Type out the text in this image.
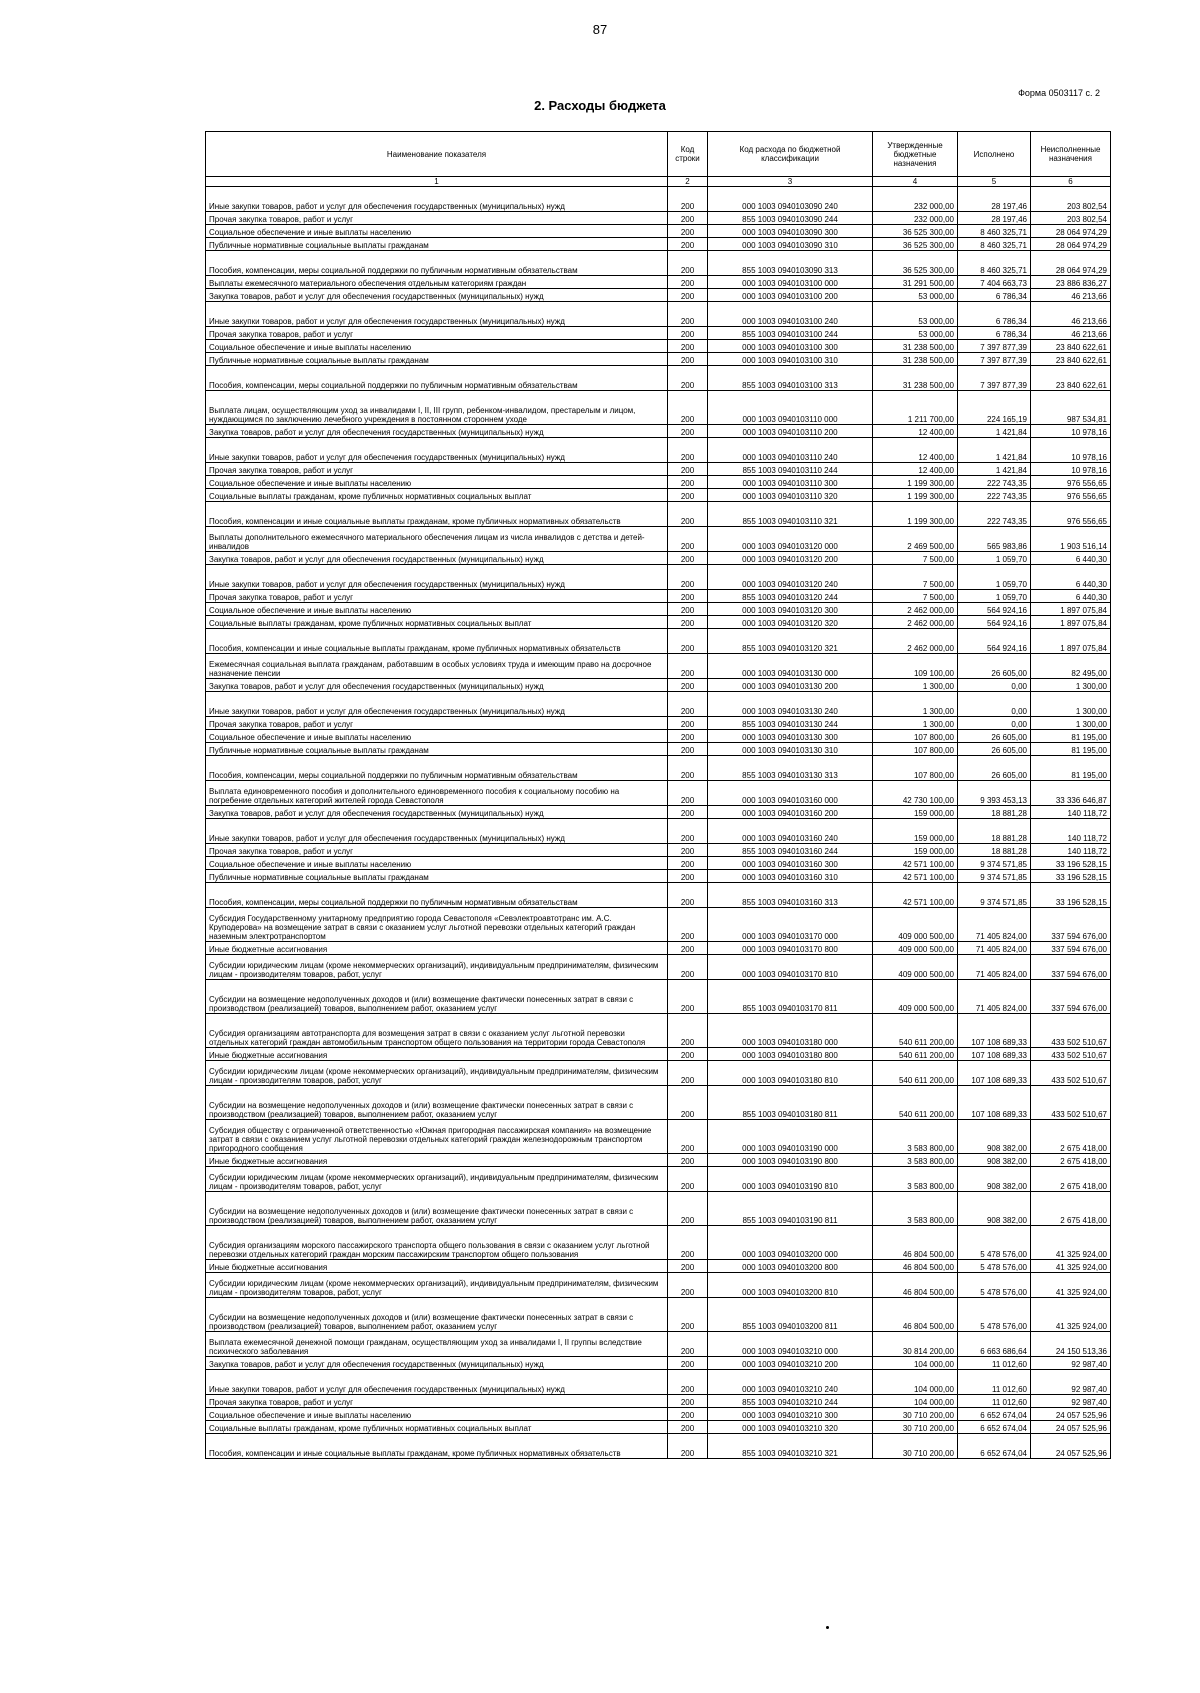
87
Форма 0503117 с. 2
2. Расходы бюджета
Наименование показателя	Код строки	Код расхода по бюджетной классификации	Утвержденные бюджетные назначения	Исполнено	Неисполненные назначения
1	2	3	4	5	6
Иные закупки товаров, работ и услуг для обеспечения государственных (муниципальных) нужд	200	000 1003 0940103090 240	232 000,00	28 197,46	203 802,54
Прочая закупка товаров, работ и услуг	200	855 1003 0940103090 244	232 000,00	28 197,46	203 802,54
Социальное обеспечение и иные выплаты населению	200	000 1003 0940103090 300	36 525 300,00	8 460 325,71	28 064 974,29
Публичные нормативные социальные выплаты гражданам	200	000 1003 0940103090 310	36 525 300,00	8 460 325,71	28 064 974,29
Пособия, компенсации, меры социальной поддержки по публичным нормативным обязательствам	200	855 1003 0940103090 313	36 525 300,00	8 460 325,71	28 064 974,29
Выплаты ежемесячного материального обеспечения отдельным категориям граждан	200	000 1003 0940103100 000	31 291 500,00	7 404 663,73	23 886 836,27
Закупка товаров, работ и услуг для обеспечения государственных (муниципальных) нужд	200	000 1003 0940103100 200	53 000,00	6 786,34	46 213,66
Иные закупки товаров, работ и услуг для обеспечения государственных (муниципальных) нужд	200	000 1003 0940103100 240	53 000,00	6 786,34	46 213,66
Прочая закупка товаров, работ и услуг	200	855 1003 0940103100 244	53 000,00	6 786,34	46 213,66
Социальное обеспечение и иные выплаты населению	200	000 1003 0940103100 300	31 238 500,00	7 397 877,39	23 840 622,61
Публичные нормативные социальные выплаты гражданам	200	000 1003 0940103100 310	31 238 500,00	7 397 877,39	23 840 622,61
Пособия, компенсации, меры социальной поддержки по публичным нормативным обязательствам	200	855 1003 0940103100 313	31 238 500,00	7 397 877,39	23 840 622,61
Выплата лицам, осуществляющим уход за инвалидами I, II, III групп, ребенком-инвалидом, престарелым и лицом, нуждающимся по заключению лечебного учреждения в постоянном стороннем уходе	200	000 1003 0940103110 000	1 211 700,00	224 165,19	987 534,81
Закупка товаров, работ и услуг для обеспечения государственных (муниципальных) нужд	200	000 1003 0940103110 200	12 400,00	1 421,84	10 978,16
Иные закупки товаров, работ и услуг для обеспечения государственных (муниципальных) нужд	200	000 1003 0940103110 240	12 400,00	1 421,84	10 978,16
Прочая закупка товаров, работ и услуг	200	855 1003 0940103110 244	12 400,00	1 421,84	10 978,16
Социальное обеспечение и иные выплаты населению	200	000 1003 0940103110 300	1 199 300,00	222 743,35	976 556,65
Социальные выплаты гражданам, кроме публичных нормативных социальных выплат	200	000 1003 0940103110 320	1 199 300,00	222 743,35	976 556,65
Пособия, компенсации и иные социальные выплаты гражданам, кроме публичных нормативных обязательств	200	855 1003 0940103110 321	1 199 300,00	222 743,35	976 556,65
Выплаты дополнительного ежемесячного материального обеспечения лицам из числа инвалидов с детства и детей-инвалидов	200	000 1003 0940103120 000	2 469 500,00	565 983,86	1 903 516,14
Закупка товаров, работ и услуг для обеспечения государственных (муниципальных) нужд	200	000 1003 0940103120 200	7 500,00	1 059,70	6 440,30
Иные закупки товаров, работ и услуг для обеспечения государственных (муниципальных) нужд	200	000 1003 0940103120 240	7 500,00	1 059,70	6 440,30
Прочая закупка товаров, работ и услуг	200	855 1003 0940103120 244	7 500,00	1 059,70	6 440,30
Социальное обеспечение и иные выплаты населению	200	000 1003 0940103120 300	2 462 000,00	564 924,16	1 897 075,84
Социальные выплаты гражданам, кроме публичных нормативных социальных выплат	200	000 1003 0940103120 320	2 462 000,00	564 924,16	1 897 075,84
Пособия, компенсации и иные социальные выплаты гражданам, кроме публичных нормативных обязательств	200	855 1003 0940103120 321	2 462 000,00	564 924,16	1 897 075,84
Ежемесячная социальная выплата гражданам, работавшим в особых условиях труда и имеющим право на досрочное назначение пенсии	200	000 1003 0940103130 000	109 100,00	26 605,00	82 495,00
Закупка товаров, работ и услуг для обеспечения государственных (муниципальных) нужд	200	000 1003 0940103130 200	1 300,00	0,00	1 300,00
Иные закупки товаров, работ и услуг для обеспечения государственных (муниципальных) нужд	200	000 1003 0940103130 240	1 300,00	0,00	1 300,00
Прочая закупка товаров, работ и услуг	200	855 1003 0940103130 244	1 300,00	0,00	1 300,00
Социальное обеспечение и иные выплаты населению	200	000 1003 0940103130 300	107 800,00	26 605,00	81 195,00
Публичные нормативные социальные выплаты гражданам	200	000 1003 0940103130 310	107 800,00	26 605,00	81 195,00
Пособия, компенсации, меры социальной поддержки по публичным нормативным обязательствам	200	855 1003 0940103130 313	107 800,00	26 605,00	81 195,00
Выплата единовременного пособия и дополнительного единовременного пособия к социальному пособию на погребение отдельных категорий жителей города Севастополя	200	000 1003 0940103160 000	42 730 100,00	9 393 453,13	33 336 646,87
Закупка товаров, работ и услуг для обеспечения государственных (муниципальных) нужд	200	000 1003 0940103160 200	159 000,00	18 881,28	140 118,72
Иные закупки товаров, работ и услуг для обеспечения государственных (муниципальных) нужд	200	000 1003 0940103160 240	159 000,00	18 881,28	140 118,72
Прочая закупка товаров, работ и услуг	200	855 1003 0940103160 244	159 000,00	18 881,28	140 118,72
Социальное обеспечение и иные выплаты населению	200	000 1003 0940103160 300	42 571 100,00	9 374 571,85	33 196 528,15
Публичные нормативные социальные выплаты гражданам	200	000 1003 0940103160 310	42 571 100,00	9 374 571,85	33 196 528,15
Пособия, компенсации, меры социальной поддержки по публичным нормативным обязательствам	200	855 1003 0940103160 313	42 571 100,00	9 374 571,85	33 196 528,15
Субсидия Государственному унитарному предприятию города Севастополя «Севэлектроавтотранс им. А.С. Круподерова» на возмещение затрат в связи с оказанием услуг льготной перевозки отдельных категорий граждан наземным электротранспортом	200	000 1003 0940103170 000	409 000 500,00	71 405 824,00	337 594 676,00
Иные бюджетные ассигнования	200	000 1003 0940103170 800	409 000 500,00	71 405 824,00	337 594 676,00
Субсидии юридическим лицам (кроме некоммерческих организаций), индивидуальным предпринимателям, физическим лицам - производителям товаров, работ, услуг	200	000 1003 0940103170 810	409 000 500,00	71 405 824,00	337 594 676,00
Субсидии на возмещение недополученных доходов и (или) возмещение фактически понесенных затрат в связи с производством (реализацией) товаров, выполнением работ, оказанием услуг	200	855 1003 0940103170 811	409 000 500,00	71 405 824,00	337 594 676,00
Субсидия организациям автотранспорта для возмещения затрат в связи с оказанием услуг льготной перевозки отдельных категорий граждан автомобильным транспортом общего пользования на территории города Севастополя	200	000 1003 0940103180 000	540 611 200,00	107 108 689,33	433 502 510,67
Иные бюджетные ассигнования	200	000 1003 0940103180 800	540 611 200,00	107 108 689,33	433 502 510,67
Субсидии юридическим лицам (кроме некоммерческих организаций), индивидуальным предпринимателям, физическим лицам - производителям товаров, работ, услуг	200	000 1003 0940103180 810	540 611 200,00	107 108 689,33	433 502 510,67
Субсидии на возмещение недополученных доходов и (или) возмещение фактически понесенных затрат в связи с производством (реализацией) товаров, выполнением работ, оказанием услуг	200	855 1003 0940103180 811	540 611 200,00	107 108 689,33	433 502 510,67
Субсидия обществу с ограниченной ответственностью «Южная пригородная пассажирская компания» на возмещение затрат в связи с оказанием услуг льготной перевозки отдельных категорий граждан железнодорожным транспортом пригородного сообщения	200	000 1003 0940103190 000	3 583 800,00	908 382,00	2 675 418,00
Иные бюджетные ассигнования	200	000 1003 0940103190 800	3 583 800,00	908 382,00	2 675 418,00
Субсидии юридическим лицам (кроме некоммерческих организаций), индивидуальным предпринимателям, физическим лицам - производителям товаров, работ, услуг	200	000 1003 0940103190 810	3 583 800,00	908 382,00	2 675 418,00
Субсидии на возмещение недополученных доходов и (или) возмещение фактически понесенных затрат в связи с производством (реализацией) товаров, выполнением работ, оказанием услуг	200	855 1003 0940103190 811	3 583 800,00	908 382,00	2 675 418,00
Субсидия организациям морского пассажирского транспорта общего пользования в связи с оказанием услуг льготной перевозки отдельных категорий граждан морским пассажирским транспортом общего пользования	200	000 1003 0940103200 000	46 804 500,00	5 478 576,00	41 325 924,00
Иные бюджетные ассигнования	200	000 1003 0940103200 800	46 804 500,00	5 478 576,00	41 325 924,00
Субсидии юридическим лицам (кроме некоммерческих организаций), индивидуальным предпринимателям, физическим лицам - производителям товаров, работ, услуг	200	000 1003 0940103200 810	46 804 500,00	5 478 576,00	41 325 924,00
Субсидии на возмещение недополученных доходов и (или) возмещение фактически понесенных затрат в связи с производством (реализацией) товаров, выполнением работ, оказанием услуг	200	855 1003 0940103200 811	46 804 500,00	5 478 576,00	41 325 924,00
Выплата ежемесячной денежной помощи гражданам, осуществляющим уход за инвалидами I, II группы вследствие психического заболевания	200	000 1003 0940103210 000	30 814 200,00	6 663 686,64	24 150 513,36
Закупка товаров, работ и услуг для обеспечения государственных (муниципальных) нужд	200	000 1003 0940103210 200	104 000,00	11 012,60	92 987,40
Иные закупки товаров, работ и услуг для обеспечения государственных (муниципальных) нужд	200	000 1003 0940103210 240	104 000,00	11 012,60	92 987,40
Прочая закупка товаров, работ и услуг	200	855 1003 0940103210 244	104 000,00	11 012,60	92 987,40
Социальное обеспечение и иные выплаты населению	200	000 1003 0940103210 300	30 710 200,00	6 652 674,04	24 057 525,96
Социальные выплаты гражданам, кроме публичных нормативных социальных выплат	200	000 1003 0940103210 320	30 710 200,00	6 652 674,04	24 057 525,96
Пособия, компенсации и иные социальные выплаты гражданам, кроме публичных нормативных обязательств	200	855 1003 0940103210 321	30 710 200,00	6 652 674,04	24 057 525,96
